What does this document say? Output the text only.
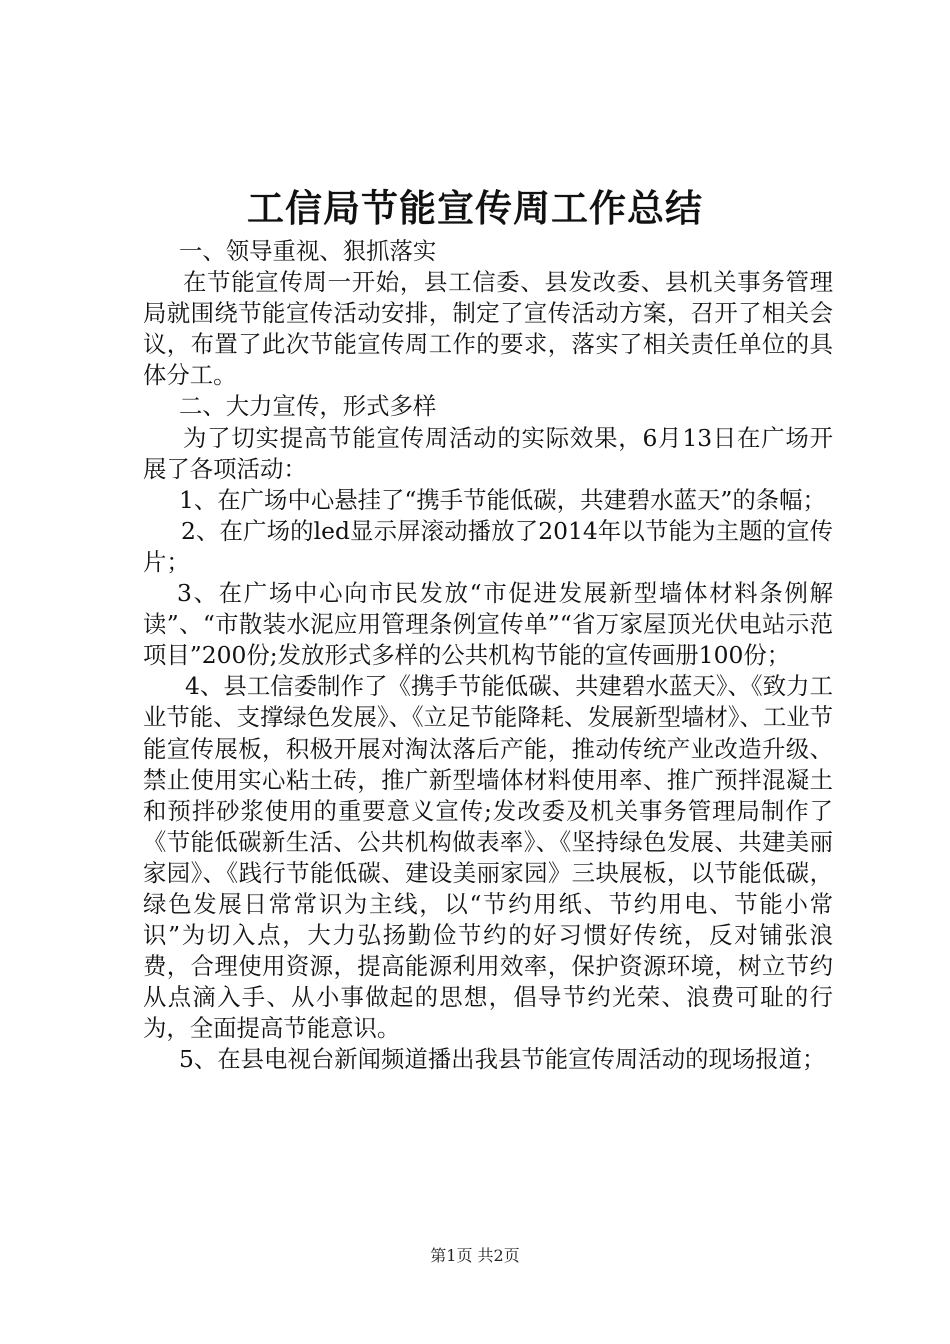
工信局节能宣传周工作总结

一、领导重视、狠抓落实

在节能宣传周一开始，县工信委、县发改委、县机关事务管理局就围绕节能宣传活动安排，制定了宣传活动方案，召开了相关会议，布置了此次节能宣传周工作的要求，落实了相关责任单位的具体分工。

二、大力宣传，形式多样

为了切实提高节能宣传周活动的实际效果，6月13日在广场开展了各项活动：

1、在广场中心悬挂了“携手节能低碳，共建碧水蓝天”的条幅；

2、在广场的led显示屏滚动播放了2014年以节能为主题的宣传片；

3、在广场中心向市民发放“市促进发展新型墙体材料条例解读”、“市散装水泥应用管理条例宣传单”“省万家屋顶光伏电站示范项目”200份;发放形式多样的公共机构节能的宣传画册100份；

4、县工信委制作了《携手节能低碳、共建碧水蓝天》、《致力工业节能、支撑绿色发展》、《立足节能降耗、发展新型墙材》、工业节能宣传展板，积极开展对淘汰落后产能，推动传统产业改造升级、禁止使用实心粘土砖，推广新型墙体材料使用率、推广预拌混凝土和预拌砂浆使用的重要意义宣传;发改委及机关事务管理局制作了《节能低碳新生活、公共机构做表率》、《坚持绿色发展、共建美丽家园》、《践行节能低碳、建设美丽家园》三块展板，以节能低碳，绿色发展日常常识为主线，以“节约用纸、节约用电、节能小常识”为切入点，大力弘扬勤俭节约的好习惯好传统，反对铺张浪费，合理使用资源，提高能源利用效率，保护资源环境，树立节约从点滴入手、从小事做起的思想，倡导节约光荣、浪费可耻的行为，全面提高节能意识。

5、在县电视台新闻频道播出我县节能宣传周活动的现场报道；

第1页 共2页
